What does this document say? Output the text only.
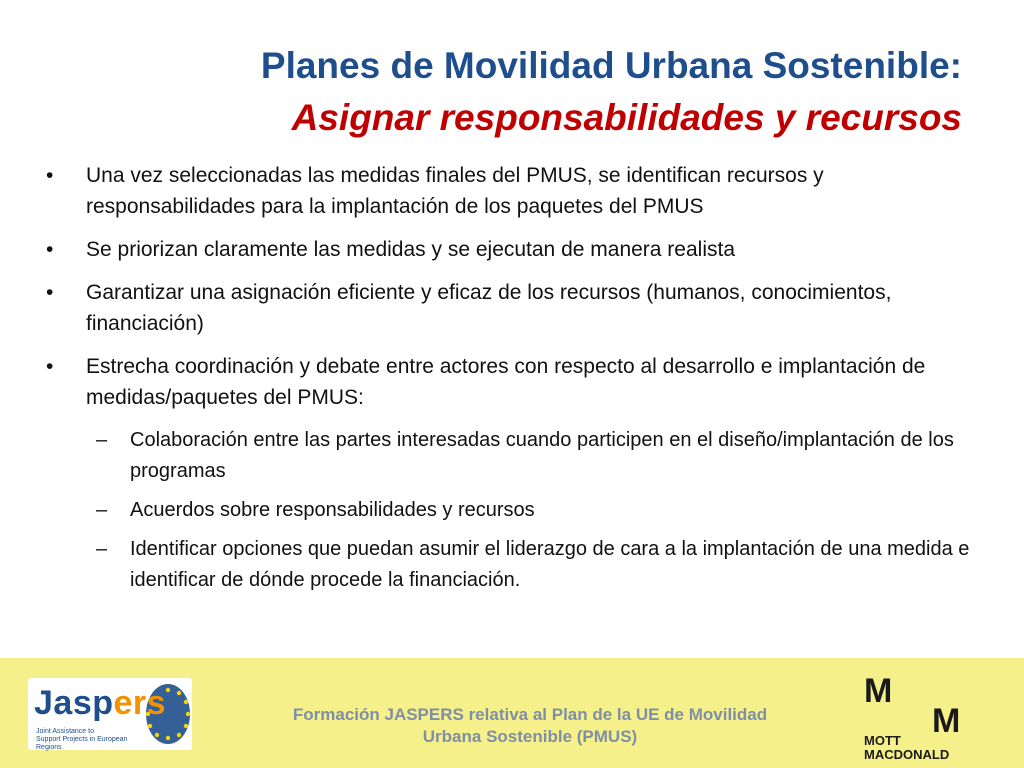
Planes de Movilidad Urbana Sostenible:
Asignar responsabilidades y recursos
•	Una vez seleccionadas las medidas finales del PMUS, se identifican recursos y responsabilidades para la implantación de los paquetes del PMUS
•	Se priorizan claramente las medidas y se ejecutan de manera realista
•	Garantizar una asignación eficiente y eficaz de los recursos (humanos, conocimientos, financiación)
•	Estrecha coordinación y debate entre actores con respecto al desarrollo e implantación de medidas/paquetes del PMUS:
–	Colaboración entre las partes interesadas cuando participen en el diseño/implantación de los programas
–	Acuerdos sobre responsabilidades y recursos
–	Identificar opciones que puedan asumir el liderazgo de cara a la implantación de una medida e identificar de dónde procede la financiación.
Jaspers
Joint Assistance to
Support Projects in European Regions
Formación JASPERS relativa al Plan de la UE de Movilidad
Urbana Sostenible (PMUS)
M
M
MOTT
MACDONALD
